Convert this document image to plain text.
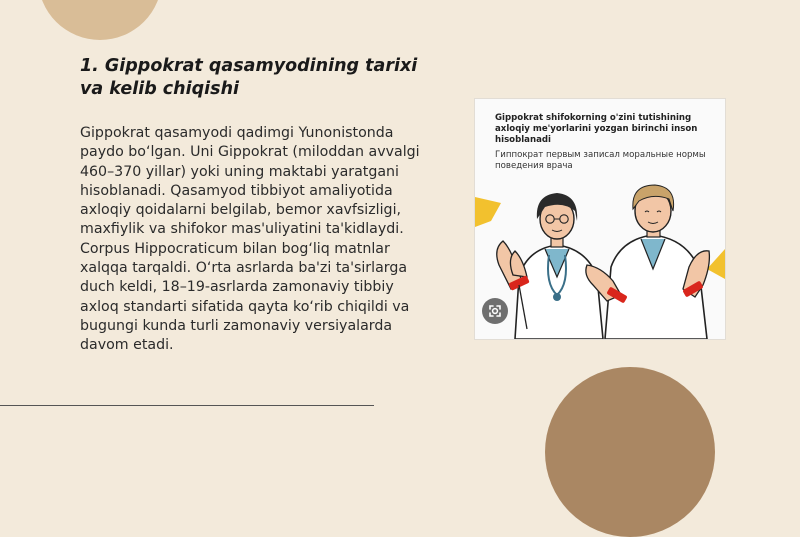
1. Gippokrat qasamyodining tarixi va kelib chiqishi

Gippokrat qasamyodi qadimgi Yunonistonda paydo bo‘lgan. Uni Gippokrat (miloddan avvalgi 460–370 yillar) yoki uning maktabi yaratgani hisoblanadi. Qasamyod tibbiyot amaliyotida axloqiy qoidalarni belgilab, bemor xavfsizligi, maxfiylik va shifokor mas'uliyatini ta'kidlaydi. Corpus Hippocraticum bilan bog‘liq matnlar xalqqa tarqaldi. O‘rta asrlarda ba'zi ta'sirlarga duch keldi, 18–19-asrlarda zamonaviy tibbiy axloq standarti sifatida qayta ko‘rib chiqildi va bugungi kunda turli zamonaviy versiyalarda davom etadi.

Gippokrat shifokorning o'zini tutishining axloqiy me'yorlarini yozgan birinchi inson hisoblanadi

Гиппократ первым записал моральные нормы поведения врача
